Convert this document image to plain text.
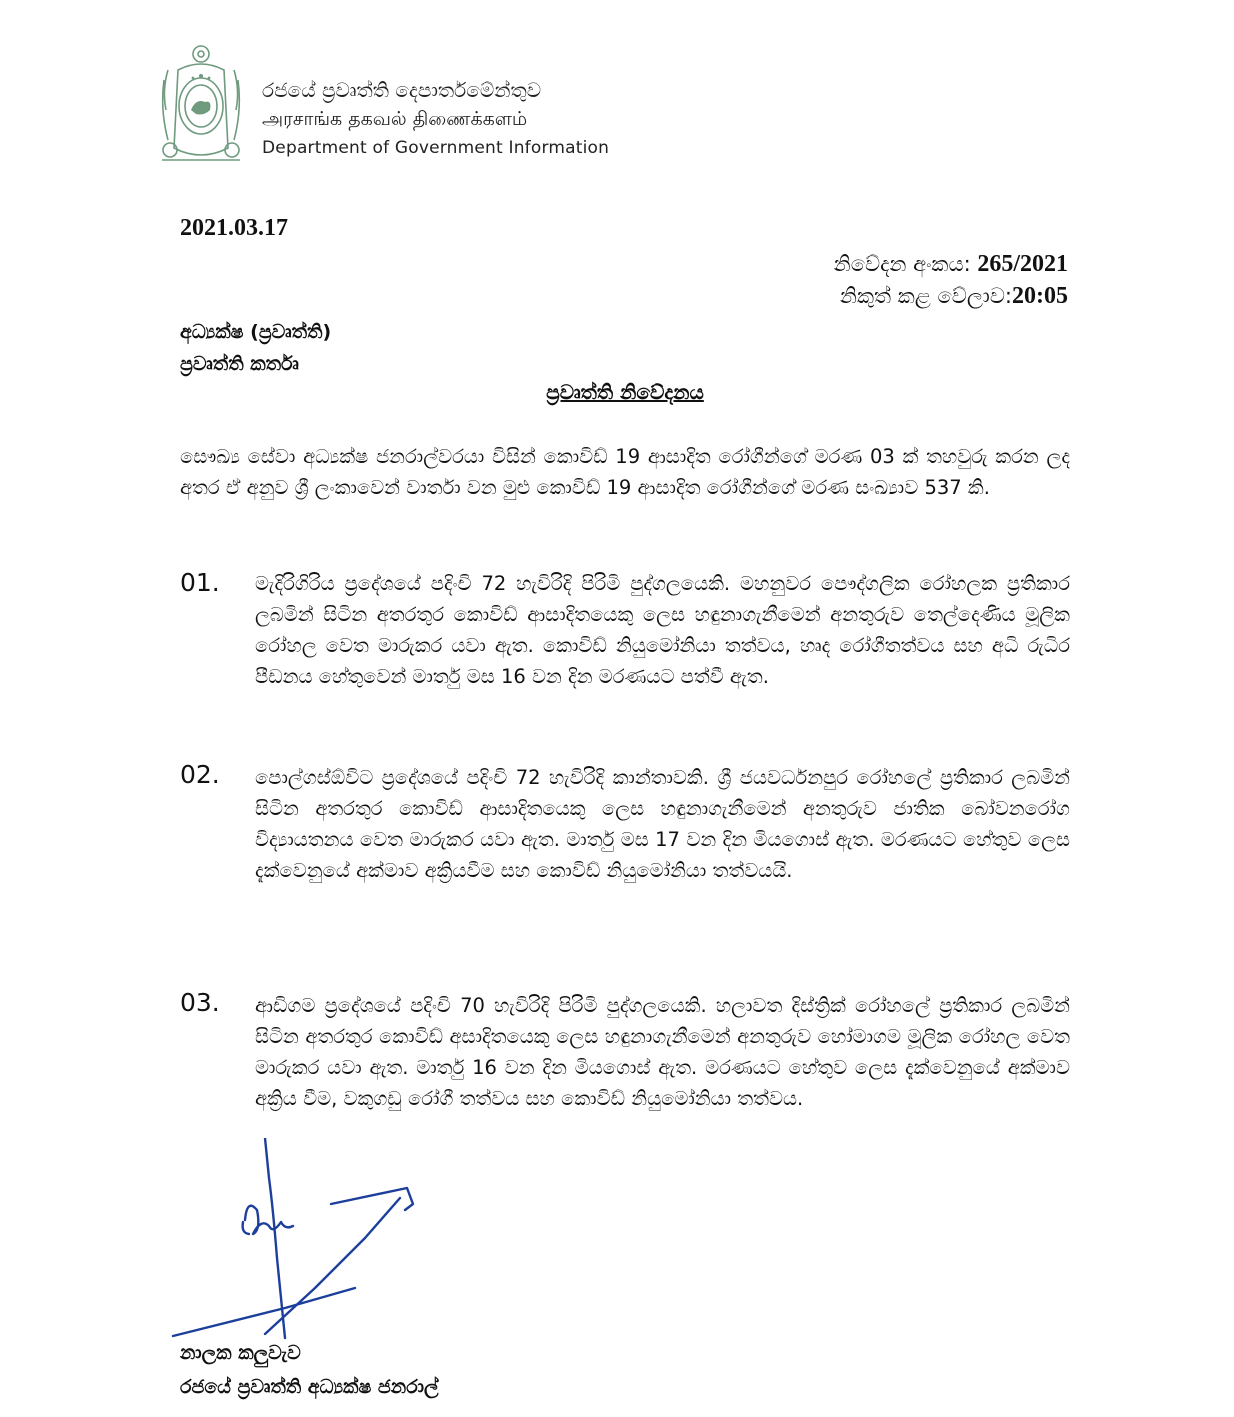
රජයේ ප්‍රවෘත්ති දෙපාර්තමේන්තුව
அரசாங்க தகவல் திணைக்களம்
Department of Government Information
2021.03.17
නිවේදන අංකය: 265/2021
නිකුත් කළ වේලාව:20:05
අධ්‍යක්ෂ (ප්‍රවෘත්ති)
ප්‍රවෘත්ති කර්තෘ
ප්‍රවෘත්ති නිවේදනය
සෞඛ්‍ය සේවා අධ්‍යක්ෂ ජනරාල්වරයා විසින් කොවිඩ් 19 ආසාදිත රෝගීන්ගේ මරණ 03 ක් තහවුරු කරන ලද අතර ඒ අනුව ශ්‍රී ලංකාවෙන් වාර්තා වන මුළු කොවිඩ් 19 ආසාදිත රෝගීන්ගේ මරණ සංඛ්‍යාව 537 කි.
01. මැදිරිගිරිය ප්‍රදේශයේ පදිංචි 72 හැවිරිදි පිරිමි පුද්ගලයෙකි. මහනුවර පෞද්ගලික රෝහලක ප්‍රතිකාර ලබමින් සිටින අතරතුර කොවිඩ් ආසාදිතයෙකු ලෙස හඳුනාගැනීමෙන් අනතුරුව තෙල්දෙණිය මූලික රෝහල වෙත මාරුකර යවා ඇත. කොවිඩ් නියුමෝනියා තත්වය, හෘද රෝගීතත්වය සහ අධි රුධිර පීඩනය හේතුවෙන් මාර්තු මස 16 වන දින මරණයට පත්වී ඇත.
02. පොල්ගස්ඕවිට ප්‍රදේශයේ පදිංචි 72 හැවිරිදි කාන්තාවකි. ශ්‍රී ජයවර්ධනපුර රෝහලේ ප්‍රතිකාර ලබමින් සිටින අතරතුර කොවිඩ් ආසාදිතයෙකු ලෙස හඳුනාගැනීමෙන් අනතුරුව ජාතික බෝවනරෝග විද්‍යායතනය වෙත මාරුකර යවා ඇත. මාර්තු මස 17 වන දින මියගොස් ඇත. මරණයට හේතුව ලෙස දැක්වෙනුයේ අක්මාව අක්‍රියවීම සහ කොවිඩ් නියුමෝනියා තත්වයයි.
03. ආඩිගම ප්‍රදේශයේ පදිංචි 70 හැවිරිදි පිරිමි පුද්ගලයෙකි. හලාවත දිස්ත්‍රික් රෝහලේ ප්‍රතිකාර ලබමින් සිටින අතරතුර කොවිඩ් අසාදිතයෙකු ලෙස හඳුනාගැනීමෙන් අනතුරුව හෝමාගම මූලික රෝහල වෙත මාරුකර යවා ඇත. මාර්තු 16 වන දින මියගොස් ඇත. මරණයට හේතුව ලෙස දැක්වෙනුයේ අක්මාව අක්‍රිය වීම, වකුගඩු රෝගී තත්වය සහ කොවිඩ් නියුමෝනියා තත්වය.
නාලක කලුවැව
රජයේ ප්‍රවෘත්ති අධ්‍යක්ෂ ජනරාල්
